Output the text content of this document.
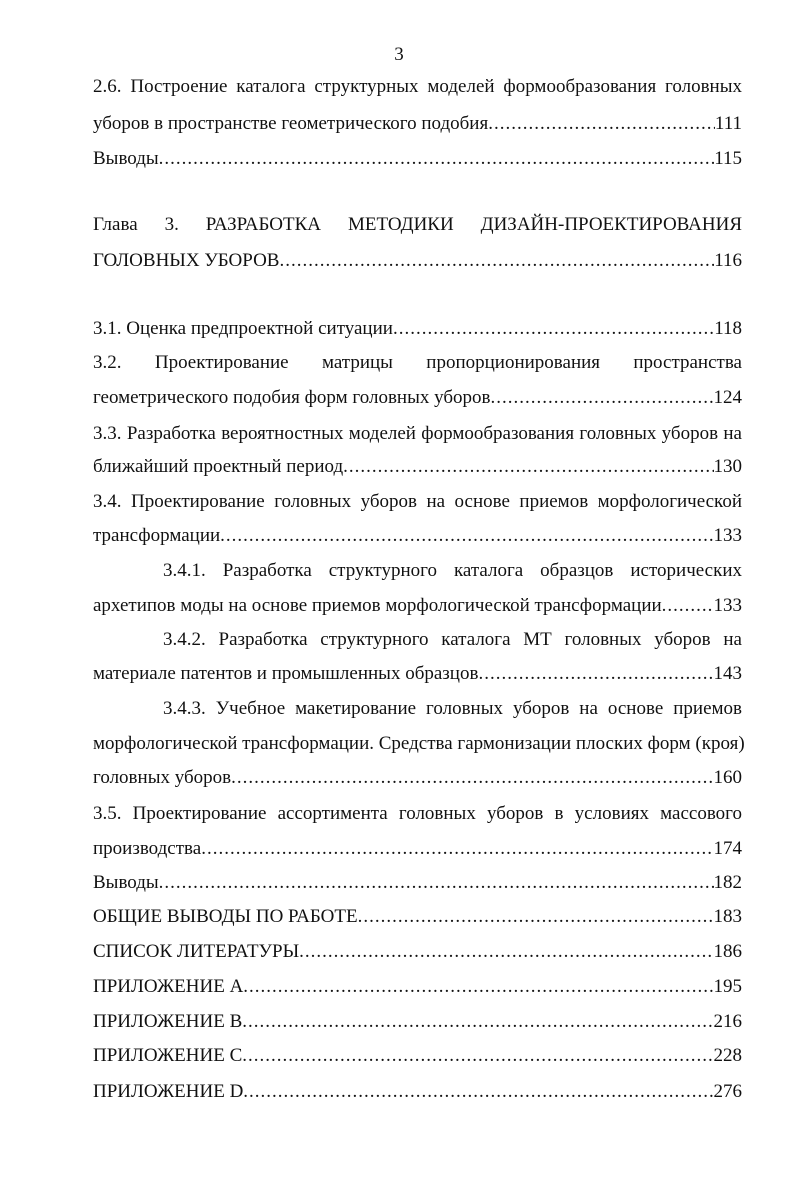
3
2.6. Построение каталога структурных моделей формообразования головных
уборов в пространстве геометрического подобия .....	111
Выводы .....	115
Глава 3. РАЗРАБОТКА МЕТОДИКИ ДИЗАЙН-ПРОЕКТИРОВАНИЯ
ГОЛОВНЫХ УБОРОВ .....	116
3.1. Оценка предпроектной ситуации .....	118
3.2. Проектирование матрицы пропорционирования пространства
геометрического подобия форм головных уборов .....	124
3.3. Разработка вероятностных моделей формообразования головных уборов на
ближайший проектный период .....	130
3.4. Проектирование головных уборов на основе приемов морфологической
трансформации .....	133
3.4.1. Разработка структурного каталога образцов исторических
архетипов моды на основе приемов морфологической трансформации .....	133
3.4.2. Разработка структурного каталога МТ головных уборов на
материале патентов и промышленных образцов .....	143
3.4.3. Учебное макетирование головных уборов на основе приемов
морфологической трансформации. Средства гармонизации плоских форм (кроя)
головных уборов .....	160
3.5. Проектирование ассортимента головных уборов в условиях массового
производства .....	174
Выводы .....	182
ОБЩИЕ ВЫВОДЫ ПО РАБОТЕ .....	183
СПИСОК ЛИТЕРАТУРЫ .....	186
ПРИЛОЖЕНИЕ A .....	195
ПРИЛОЖЕНИЕ B .....	216
ПРИЛОЖЕНИЕ C .....	228
ПРИЛОЖЕНИЕ D .....	276
